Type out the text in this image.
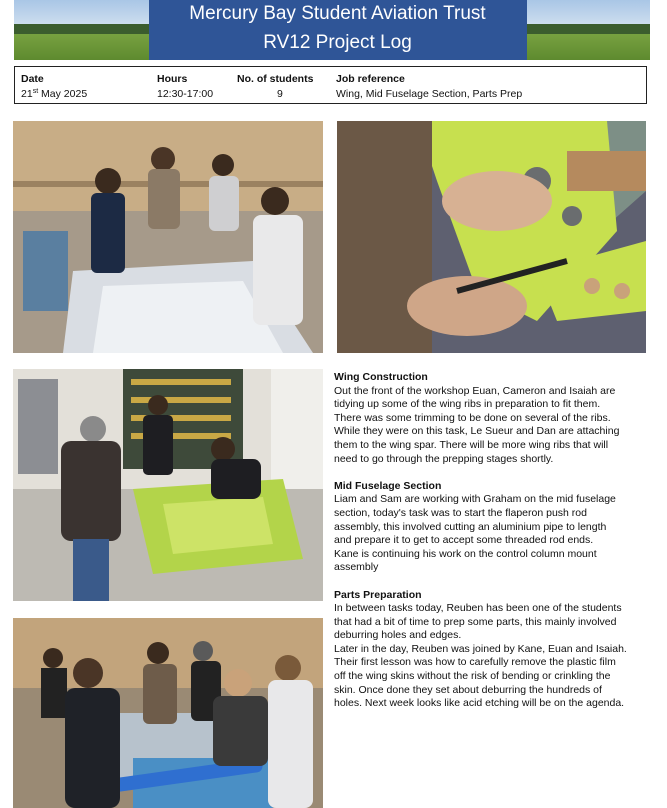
Mercury Bay Student Aviation Trust
RV12 Project Log
Date
21st May 2025
Hours
12:30-17:00
No. of students
9
Job reference
Wing, Mid Fuselage Section, Parts Prep
Wing Construction
Out the front of the workshop Euan, Cameron and Isaiah are
tidying up some of the wing ribs in preparation to fit them.
There was some trimming to be done on several of the ribs.
While they were on this task, Le Sueur and Dan are attaching
them to the wing spar. There will be more wing ribs that will
need to go through the prepping stages shortly.
Mid Fuselage Section
Liam and Sam are working with Graham on the mid fuselage
section, today's task was to start the flaperon push rod
assembly, this involved cutting an aluminium pipe to length
and prepare it to get to accept some threaded rod ends.
Kane is continuing his work on the control column mount
assembly
Parts Preparation
In between tasks today, Reuben has been one of the students
that had a bit of time to prep some parts, this mainly involved
deburring holes and edges.
Later in the day, Reuben was joined by Kane, Euan and Isaiah.
Their first lesson was how to carefully remove the plastic film
off the wing skins without the risk of bending or crinkling the
skin. Once done they set about deburring the hundreds of
holes. Next week looks like acid etching will be on the agenda.
